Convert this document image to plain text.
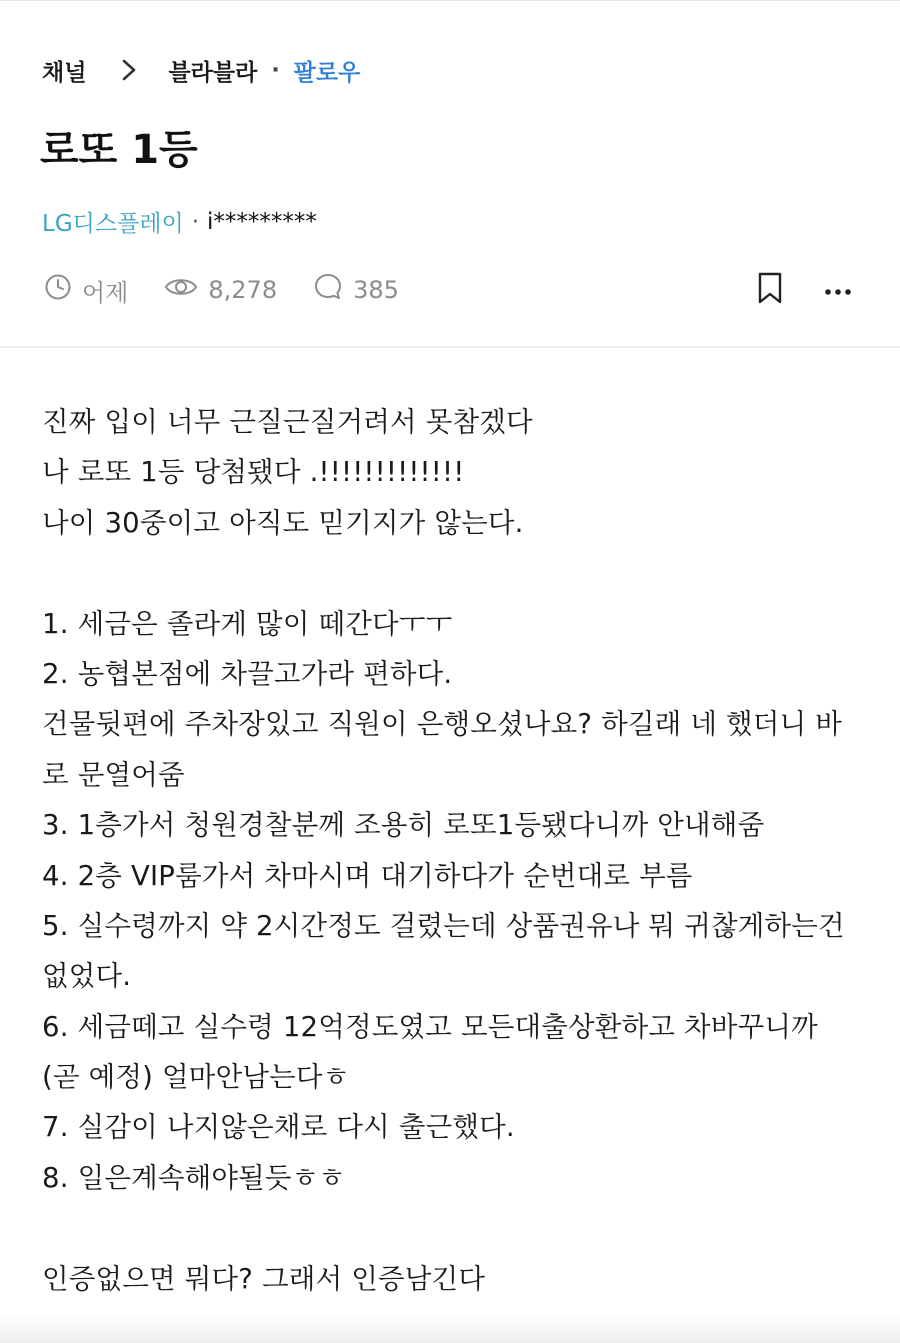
채널	블라블라 · 팔로우
로또 1등
LG디스플레이 · i*********
어제	8,278	385
진짜 입이 너무 근질근질거려서 못참겠다
나 로또 1등 당첨됐다 .!!!!!!!!!!!!!
나이 30중이고 아직도 믿기지가 않는다.
1. 세금은 졸라게 많이 떼간다ㅜㅜ
2. 농협본점에 차끌고가라 편하다.
건물뒷편에 주차장있고 직원이 은행오셨나요? 하길래 네 했더니 바
로 문열어줌
3. 1층가서 청원경찰분께 조용히 로또1등됐다니까 안내해줌
4. 2층 VIP룸가서 차마시며 대기하다가 순번대로 부름
5. 실수령까지 약 2시간정도 걸렸는데 상품권유나 뭐 귀찮게하는건
없었다.
6. 세금떼고 실수령 12억정도였고 모든대출상환하고 차바꾸니까
(곧 예정) 얼마안남는다ㅎ
7. 실감이 나지않은채로 다시 출근했다.
8. 일은계속해야될듯ㅎㅎ
인증없으면 뭐다? 그래서 인증남긴다
